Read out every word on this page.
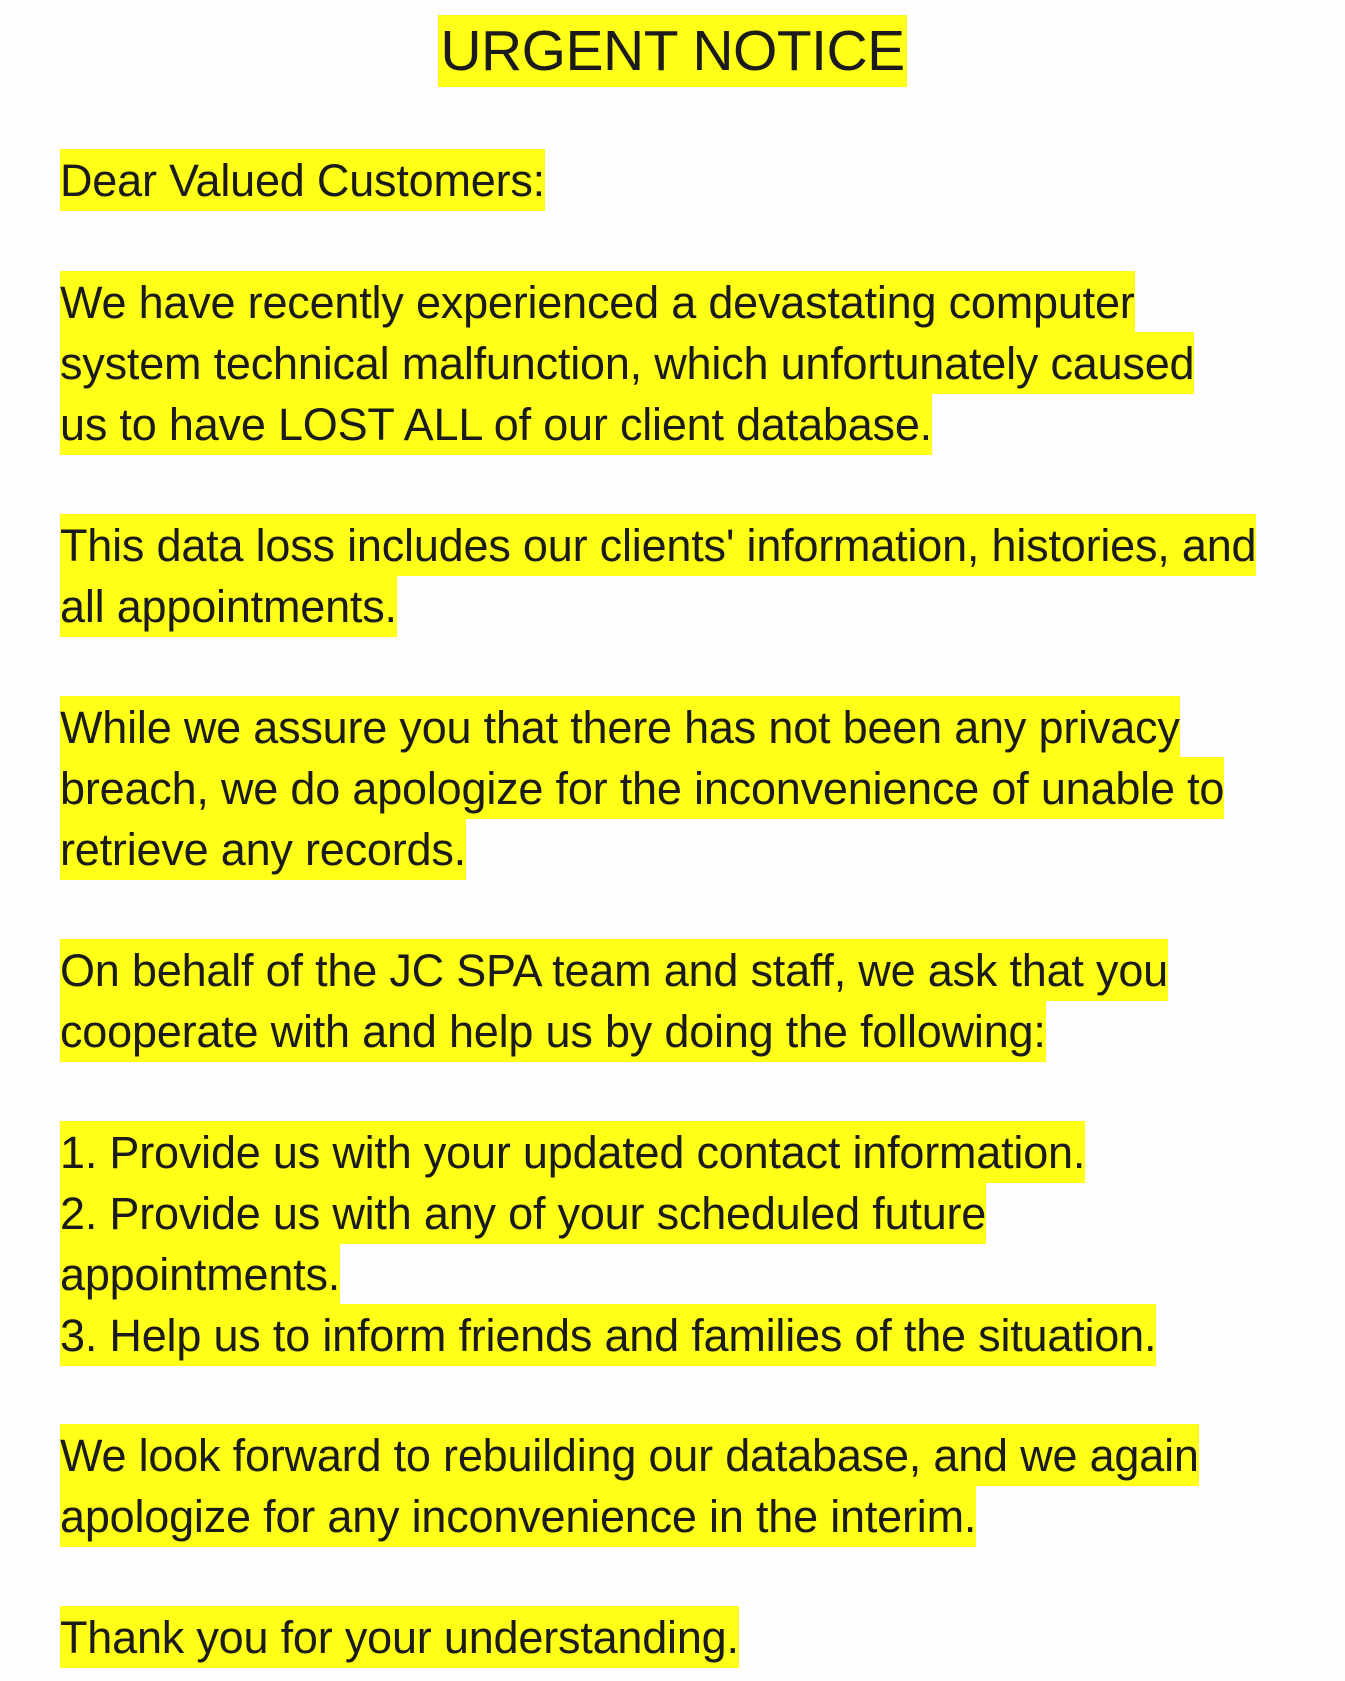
URGENT NOTICE

Dear Valued Customers:

We have recently experienced a devastating computer
system technical malfunction, which unfortunately caused
us to have LOST ALL of our client database.

This data loss includes our clients' information, histories, and
all appointments.

While we assure you that there has not been any privacy
breach, we do apologize for the inconvenience of unable to
retrieve any records.

On behalf of the JC SPA team and staff, we ask that you
cooperate with and help us by doing the following:

1. Provide us with your updated contact information.
2. Provide us with any of your scheduled future
appointments.
3. Help us to inform friends and families of the situation.

We look forward to rebuilding our database, and we again
apologize for any inconvenience in the interim.

Thank you for your understanding.
